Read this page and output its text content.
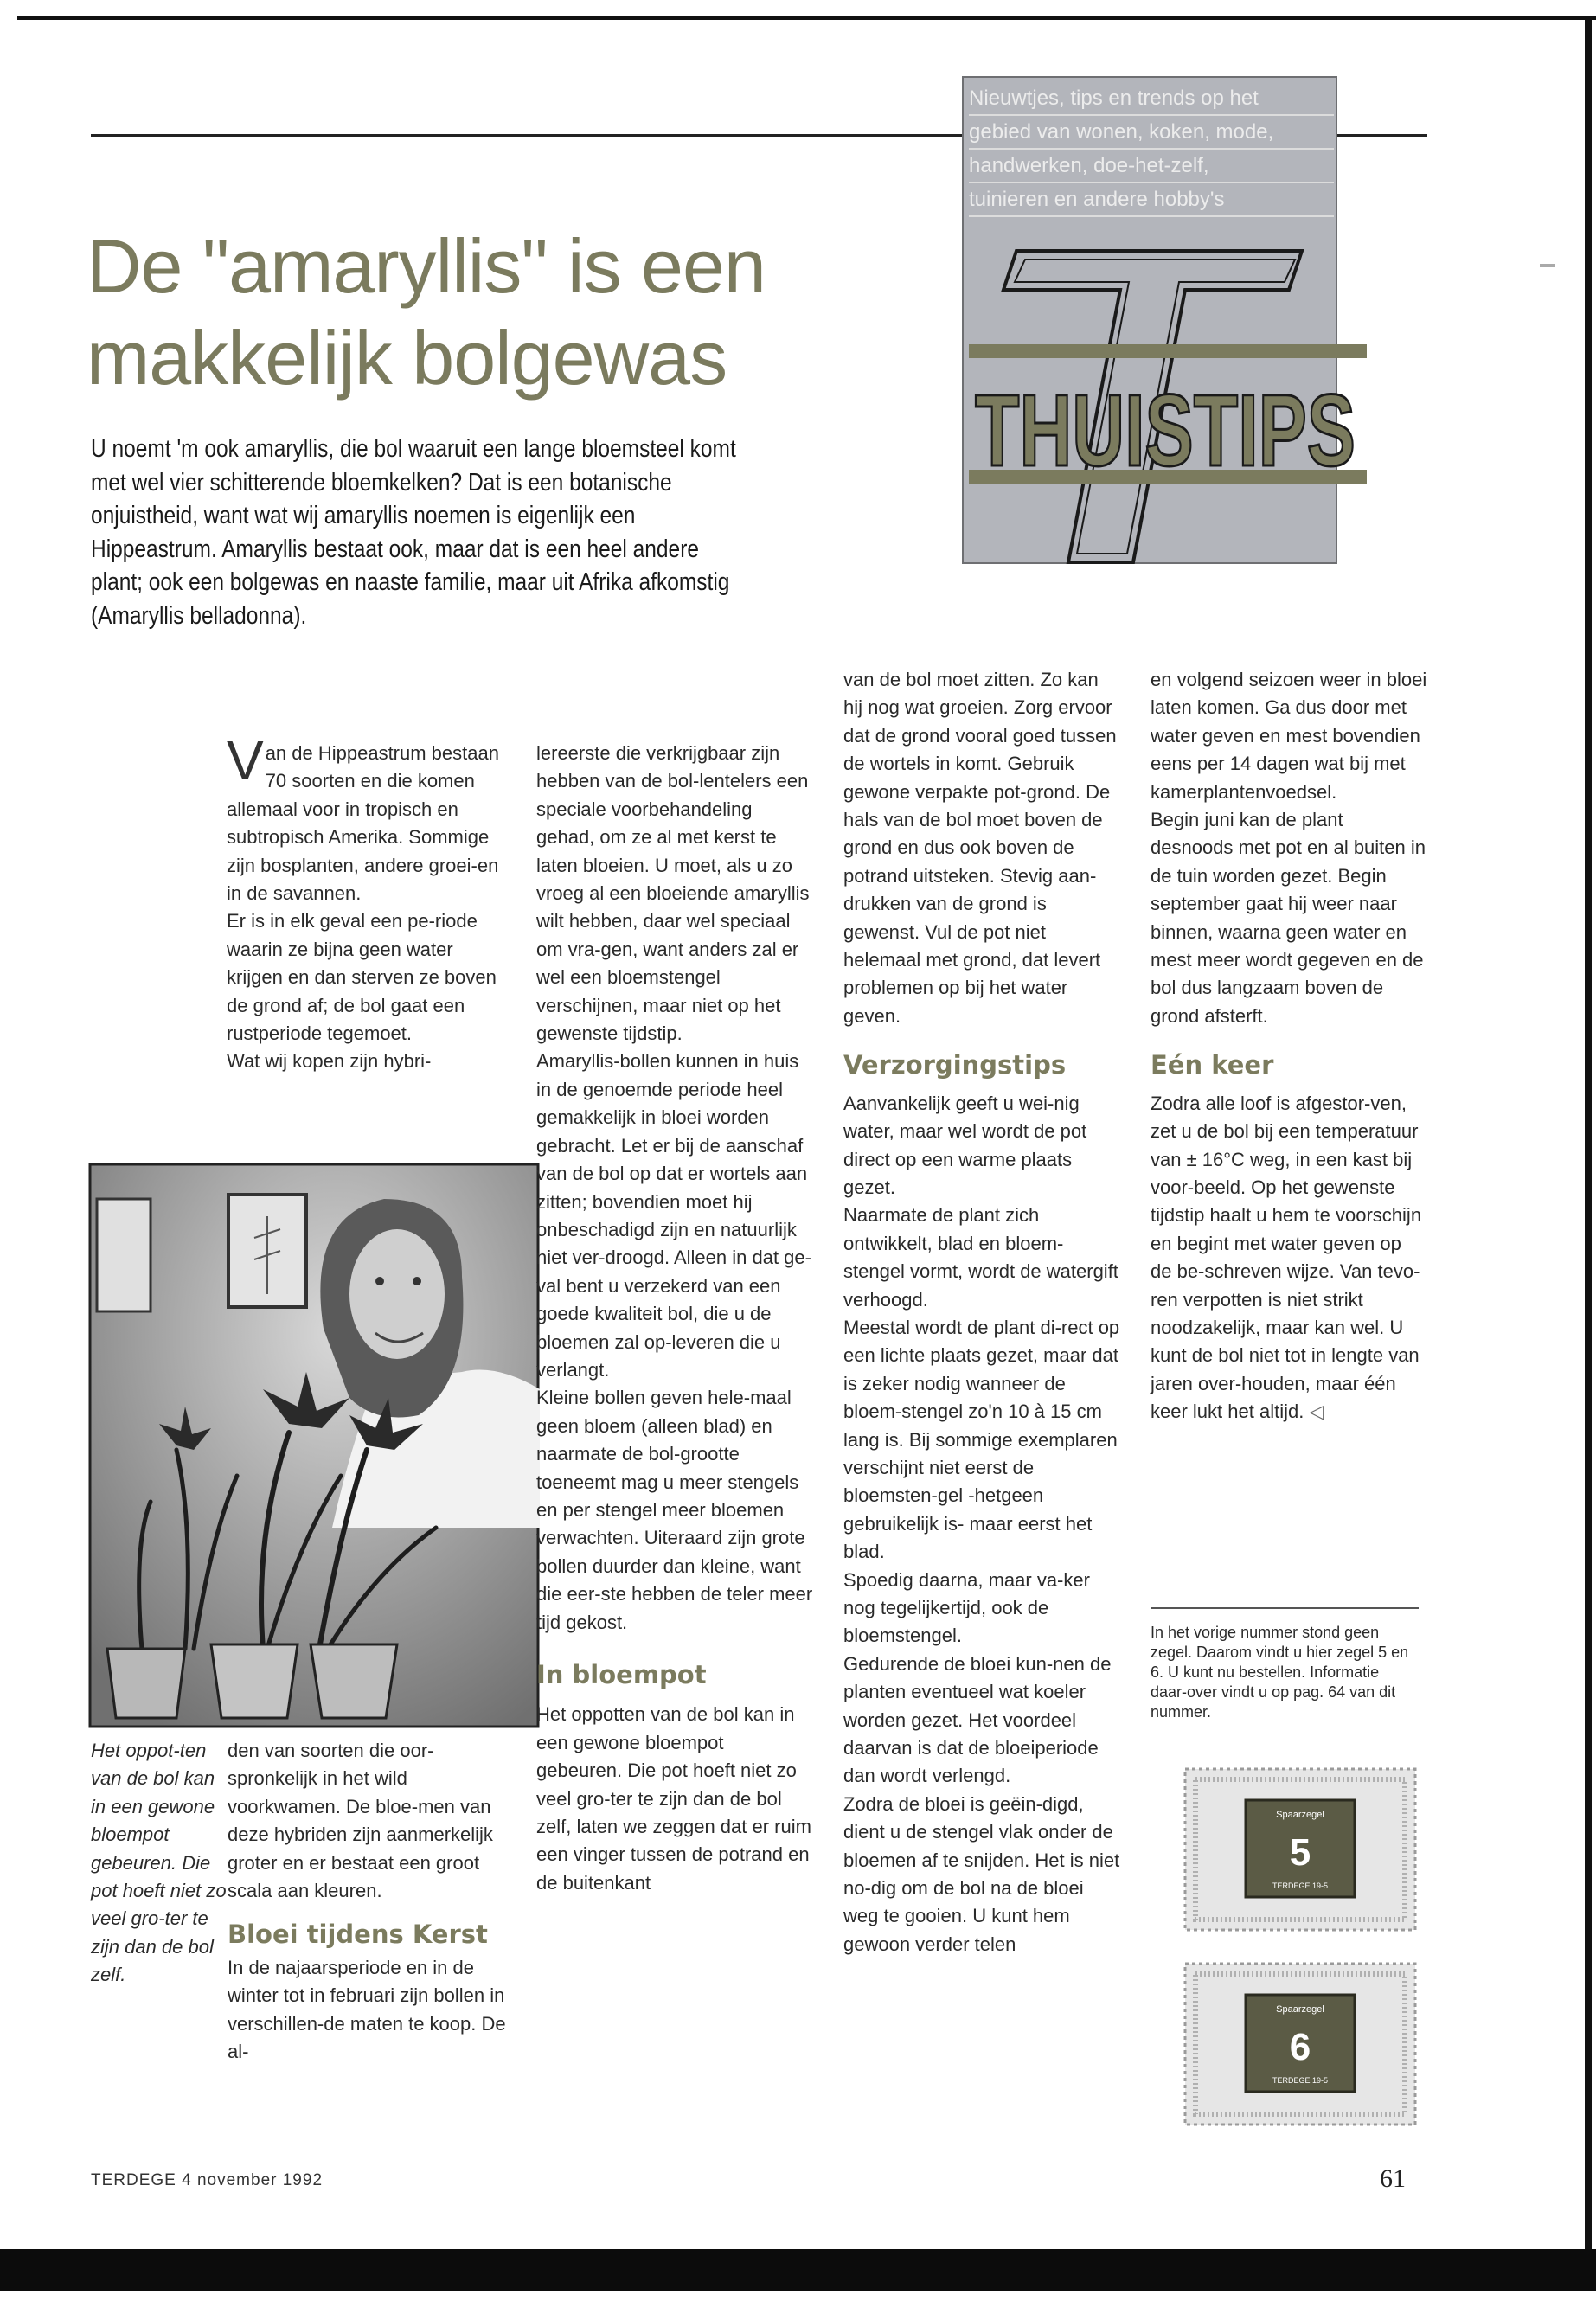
De "amaryllis" is een
makkelijk bolgewas
U noemt 'm ook amaryllis, die bol waaruit een lange bloemsteel komt met wel vier schitterende bloemkelken? Dat is een botanische onjuistheid, want wat wij amaryllis noemen is eigenlijk een Hippeastrum. Amaryllis bestaat ook, maar dat is een heel andere plant; ook een bolgewas en naaste familie, maar uit Afrika afkomstig (Amaryllis belladonna).
Nieuwtjes, tips en trends op het
gebied van wonen, koken, mode,
handwerken, doe-het-zelf,
tuinieren en andere hobby's
THUISTIPS

Van de Hippeastrum bestaan 70 soorten en die komen allemaal voor in tropisch en subtropisch Amerika. Sommige zijn bosplanten, andere groei-en in de savannen.

Er is in elk geval een pe-riode waarin ze bijna geen water krijgen en dan sterven ze boven de grond af; de bol gaat een rustperiode tegemoet.

Wat wij kopen zijn hybri-

Het oppot-ten van de bol kan in een gewone bloempot gebeuren. Die pot hoeft niet zo veel gro-ter te zijn dan de bol zelf.

den van soorten die oor-spronkelijk in het wild voorkwamen. De bloe-men van deze hybriden zijn aanmerkelijk groter en er bestaat een groot scala aan kleuren.

Bloei tijdens Kerst

In de najaarsperiode en in de winter tot in februari zijn bollen in verschillen-de maten te koop. De al-

lereerste die verkrijgbaar zijn hebben van de bol-lentelers een speciale voorbehandeling gehad, om ze al met kerst te laten bloeien. U moet, als u zo vroeg al een bloeiende amaryllis wilt hebben, daar wel speciaal om vra-gen, want anders zal er wel een bloemstengel verschijnen, maar niet op het gewenste tijdstip.

Amaryllis-bollen kunnen in huis in de genoemde periode heel gemakkelijk in bloei worden gebracht. Let er bij de aanschaf van de bol op dat er wortels aan zitten; bovendien moet hij onbeschadigd zijn en natuurlijk niet ver-droogd. Alleen in dat ge-val bent u verzekerd van een goede kwaliteit bol, die u de bloemen zal op-leveren die u verlangt.

Kleine bollen geven hele-maal geen bloem (alleen blad) en naarmate de bol-grootte toeneemt mag u meer stengels en per stengel meer bloemen verwachten. Uiteraard zijn grote bollen duurder dan kleine, want die eer-ste hebben de teler meer tijd gekost.

In bloempot

Het oppotten van de bol kan in een gewone bloempot gebeuren. Die pot hoeft niet zo veel gro-ter te zijn dan de bol zelf, laten we zeggen dat er ruim een vinger tussen de potrand en de buitenkant

van de bol moet zitten. Zo kan hij nog wat groeien. Zorg ervoor dat de grond vooral goed tussen de wortels in komt. Gebruik gewone verpakte pot-grond. De hals van de bol moet boven de grond en dus ook boven de potrand uitsteken. Stevig aan-drukken van de grond is gewenst. Vul de pot niet helemaal met grond, dat levert problemen op bij het water geven.

Verzorgingstips

Aanvankelijk geeft u wei-nig water, maar wel wordt de pot direct op een warme plaats gezet.

Naarmate de plant zich ontwikkelt, blad en bloem-stengel vormt, wordt de watergift verhoogd.

Meestal wordt de plant di-rect op een lichte plaats gezet, maar dat is zeker nodig wanneer de bloem-stengel zo'n 10 à 15 cm lang is. Bij sommige exemplaren verschijnt niet eerst de bloemsten-gel -hetgeen gebruikelijk is- maar eerst het blad.

Spoedig daarna, maar va-ker nog tegelijkertijd, ook de bloemstengel.

Gedurende de bloei kun-nen de planten eventueel wat koeler worden gezet. Het voordeel daarvan is dat de bloeiperiode dan wordt verlengd.

Zodra de bloei is geëin-digd, dient u de stengel vlak onder de bloemen af te snijden. Het is niet no-dig om de bol na de bloei weg te gooien. U kunt hem gewoon verder telen

en volgend seizoen weer in bloei laten komen. Ga dus door met water geven en mest bovendien eens per 14 dagen wat bij met kamerplantenvoedsel.

Begin juni kan de plant desnoods met pot en al buiten in de tuin worden gezet. Begin september gaat hij weer naar binnen, waarna geen water en mest meer wordt gegeven en de bol dus langzaam boven de grond afsterft.

Eén keer

Zodra alle loof is afgestor-ven, zet u de bol bij een temperatuur van ± 16°C weg, in een kast bij voor-beeld. Op het gewenste tijdstip haalt u hem te voorschijn en begint met water geven op de be-schreven wijze. Van tevo-ren verpotten is niet strikt noodzakelijk, maar kan wel. U kunt de bol niet tot in lengte van jaren over-houden, maar één keer lukt het altijd. ◁

In het vorige nummer stond geen zegel. Daarom vindt u hier zegel 5 en 6. U kunt nu bestellen. Informatie daar-over vindt u op pag. 64 van dit nummer.
Spaarzegel
5
TERDEGE 19-5
Spaarzegel
6
TERDEGE 19-5
TERDEGE 4 november 1992	61
